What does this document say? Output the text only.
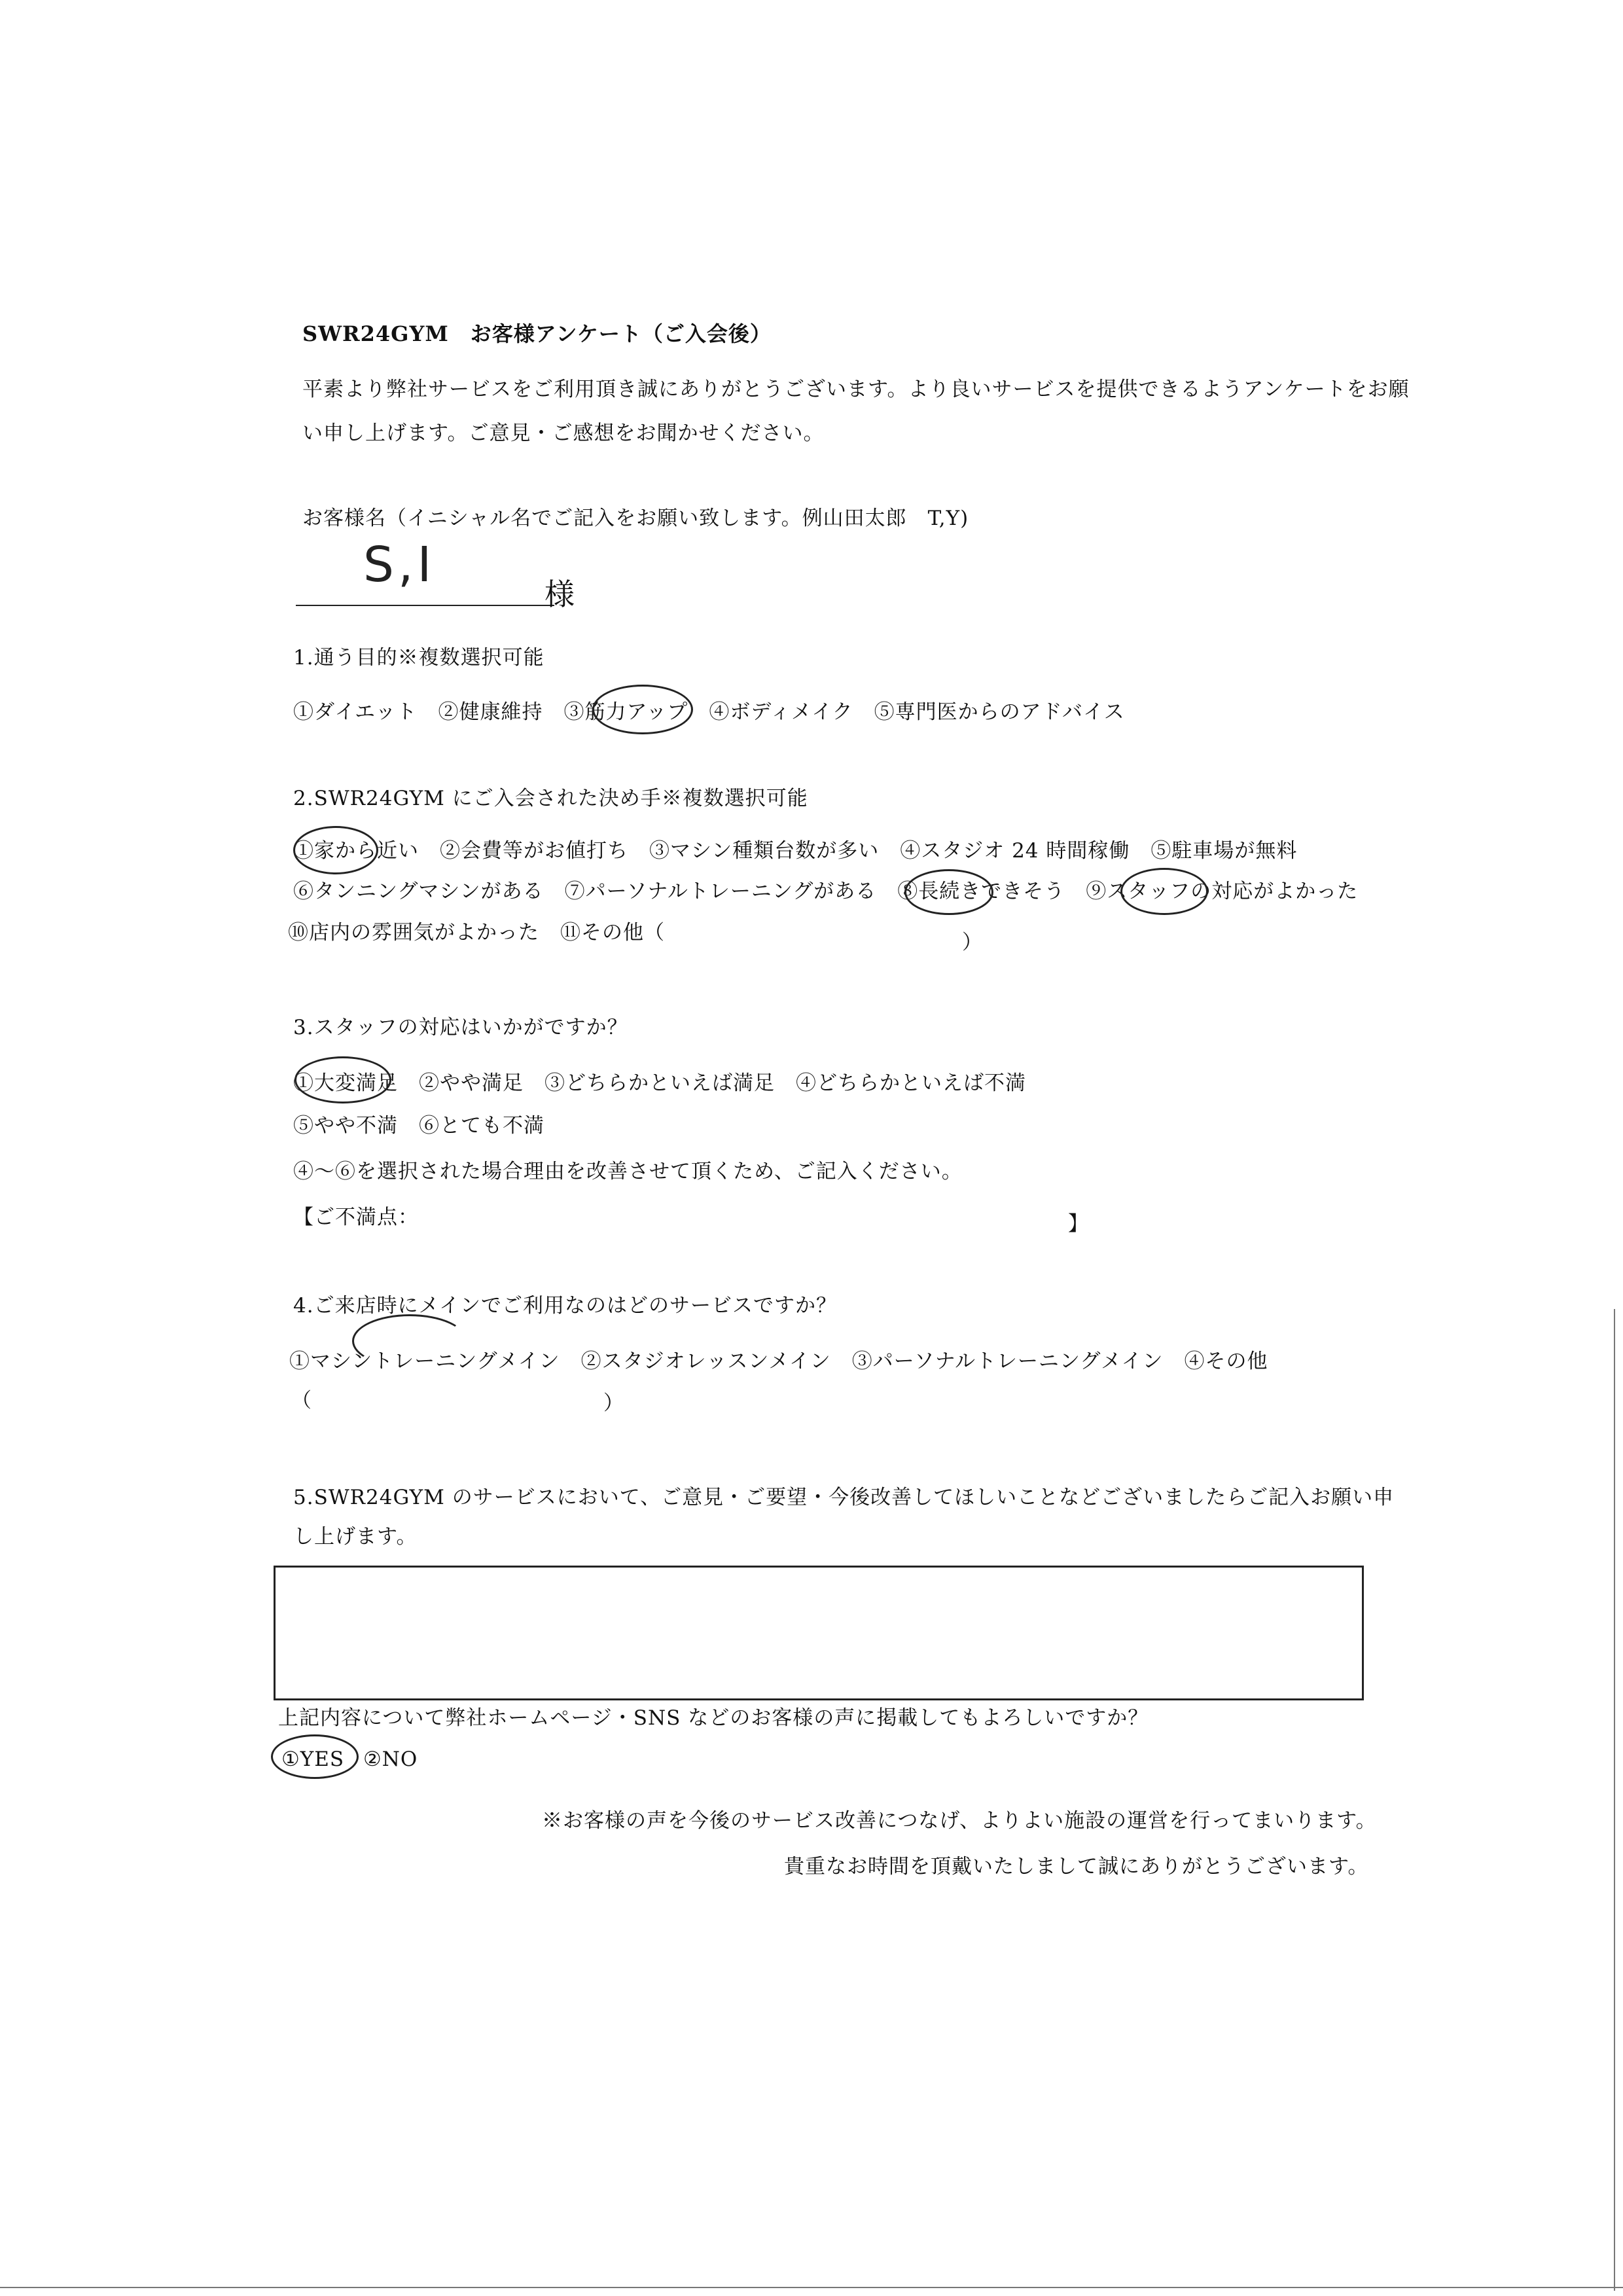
SWR24GYM　お客様アンケート（ご入会後）
平素より弊社サービスをご利用頂き誠にありがとうございます。より良いサービスを提供できるようアンケートをお願
い申し上げます。ご意見・ご感想をお聞かせください。
お客様名（イニシャル名でご記入をお願い致します。例山田太郎　T,Y)
S,I
様
1.通う目的※複数選択可能
①ダイエット　②健康維持　③筋力アップ　④ボディメイク　⑤専門医からのアドバイス
2.SWR24GYM にご入会された決め手※複数選択可能
①家から近い　②会費等がお値打ち　③マシン種類台数が多い　④スタジオ 24 時間稼働　⑤駐車場が無料
⑥タンニングマシンがある　⑦パーソナルトレーニングがある　⑧長続きできそう　⑨スタッフの対応がよかった
⑩店内の雰囲気がよかった　⑪その他（	）
3.スタッフの対応はいかがですか？
①大変満足　②やや満足　③どちらかといえば満足　④どちらかといえば不満
⑤やや不満　⑥とても不満
④～⑥を選択された場合理由を改善させて頂くため、ご記入ください。
【ご不満点：	】
4.ご来店時にメインでご利用なのはどのサービスですか？
①マシントレーニングメイン　②スタジオレッスンメイン　③パーソナルトレーニングメイン　④その他
（	）
5.SWR24GYM のサービスにおいて、ご意見・ご要望・今後改善してほしいことなどございましたらご記入お願い申
し上げます。
上記内容について弊社ホームページ・SNS などのお客様の声に掲載してもよろしいですか？
①YES ②NO
※お客様の声を今後のサービス改善につなげ、よりよい施設の運営を行ってまいります。
貴重なお時間を頂戴いたしまして誠にありがとうございます。
